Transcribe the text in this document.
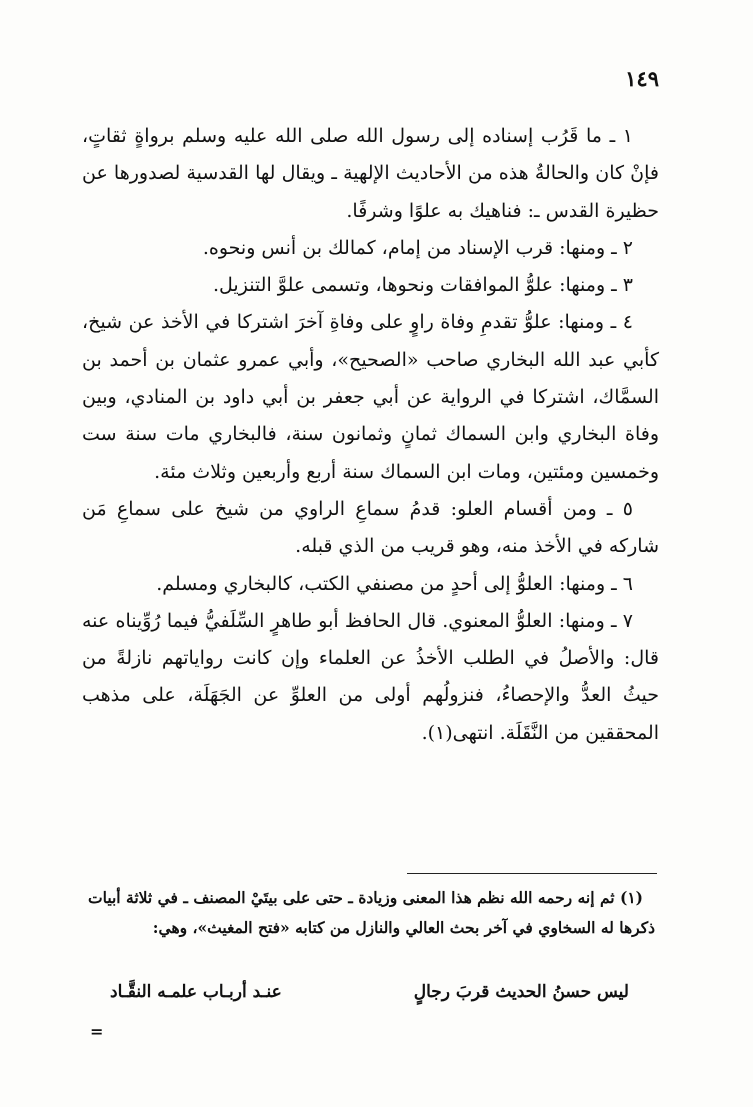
١٤٩

١ ـ ما قَرُب إسناده إلى رسول الله صلى الله عليه وسلم برواةٍ ثقاتٍ، فإنْ كان والحالةُ هذه من الأحاديث الإلهية ـ ويقال لها القدسية لصدورها عن حظيرة القدس ـ: فناهيك به علوًا وشرفًا.

٢ ـ ومنها: قرب الإسناد من إمام، كمالك بن أنس ونحوه.

٣ ـ ومنها: علوُّ الموافقات ونحوها، وتسمى علوَّ التنزيل.

٤ ـ ومنها: علوُّ تقدمِ وفاة راوٍ على وفاةِ آخرَ اشتركا في الأخذ عن شيخ، كأبي عبد الله البخاري صاحب «الصحيح»، وأبي عمرو عثمان بن أحمد بن السمَّاك، اشتركا في الرواية عن أبي جعفر بن أبي داود بن المنادي، وبين وفاة البخاري وابن السماك ثمانٍ وثمانون سنة، فالبخاري مات سنة ست وخمسين ومئتين، ومات ابن السماك سنة أربع وأربعين وثلاث مئة.

٥ ـ ومن أقسام العلو: قدمُ سماعِ الراوي من شيخ على سماعِ مَن شاركه في الأخذ منه، وهو قريب من الذي قبله.

٦ ـ ومنها: العلوُّ إلى أحدٍ من مصنفي الكتب، كالبخاري ومسلم.

٧ ـ ومنها: العلوُّ المعنوي. قال الحافظ أبو طاهرٍ السِّلَفيُّ فيما رُوِّيناه عنه قال: والأصلُ في الطلب الأخذُ عن العلماء وإن كانت رواياتهم نازلةً من حيثُ العدُّ والإحصاءُ، فنزولُهم أولى من العلوِّ عن الجَهَلَة، على مذهب المحققين من النَّقَلَة. انتهى(١).

(١) ثم إنه رحمه الله نظم هذا المعنى وزيادة ـ حتى على بيتَيْ المصنف ـ في ثلاثة أبيات ذكرها له السخاوي في آخر بحث العالي والنازل من كتابه «فتح المغيث»، وهي:

ليس حسنُ الحديث قربَ رجالٍ
عنـد أربـاب علمـه النقَّـاد
=
